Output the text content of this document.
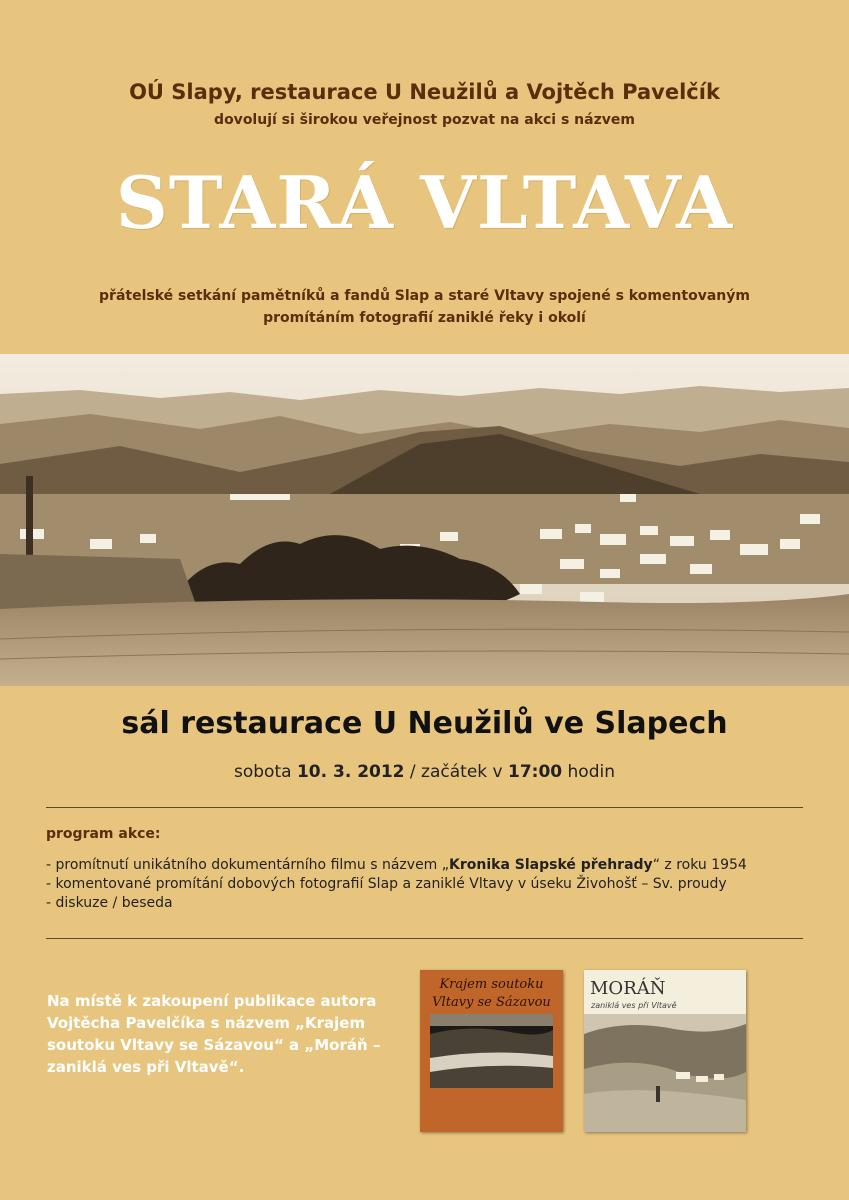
OÚ Slapy, restaurace U Neužilů a Vojtěch Pavelčík
dovolují si širokou veřejnost pozvat na akci s názvem
STARÁ VLTAVA
přátelské setkání pamětníků a fandů Slap a staré Vltavy spojené s komentovaným
promítáním fotografií zaniklé řeky i okolí
sál restaurace U Neužilů ve Slapech
sobota 10. 3. 2012 / začátek v 17:00 hodin
program akce:
- promítnutí unikátního dokumentárního filmu s názvem „Kronika Slapské přehrady“ z roku 1954
- komentované promítání dobových fotografií Slap a zaniklé Vltavy v úseku Živohošť – Sv. proudy
- diskuze / beseda
Na místě k zakoupení publikace autora
Vojtěcha Pavelčíka s názvem „Krajem
soutoku Vltavy se Sázavou“ a „Moráň –
zaniklá ves při Vltavě“.
Krajem soutoku
Vltavy se Sázavou
MORÁŇ
zaniklá ves při Vltavě
